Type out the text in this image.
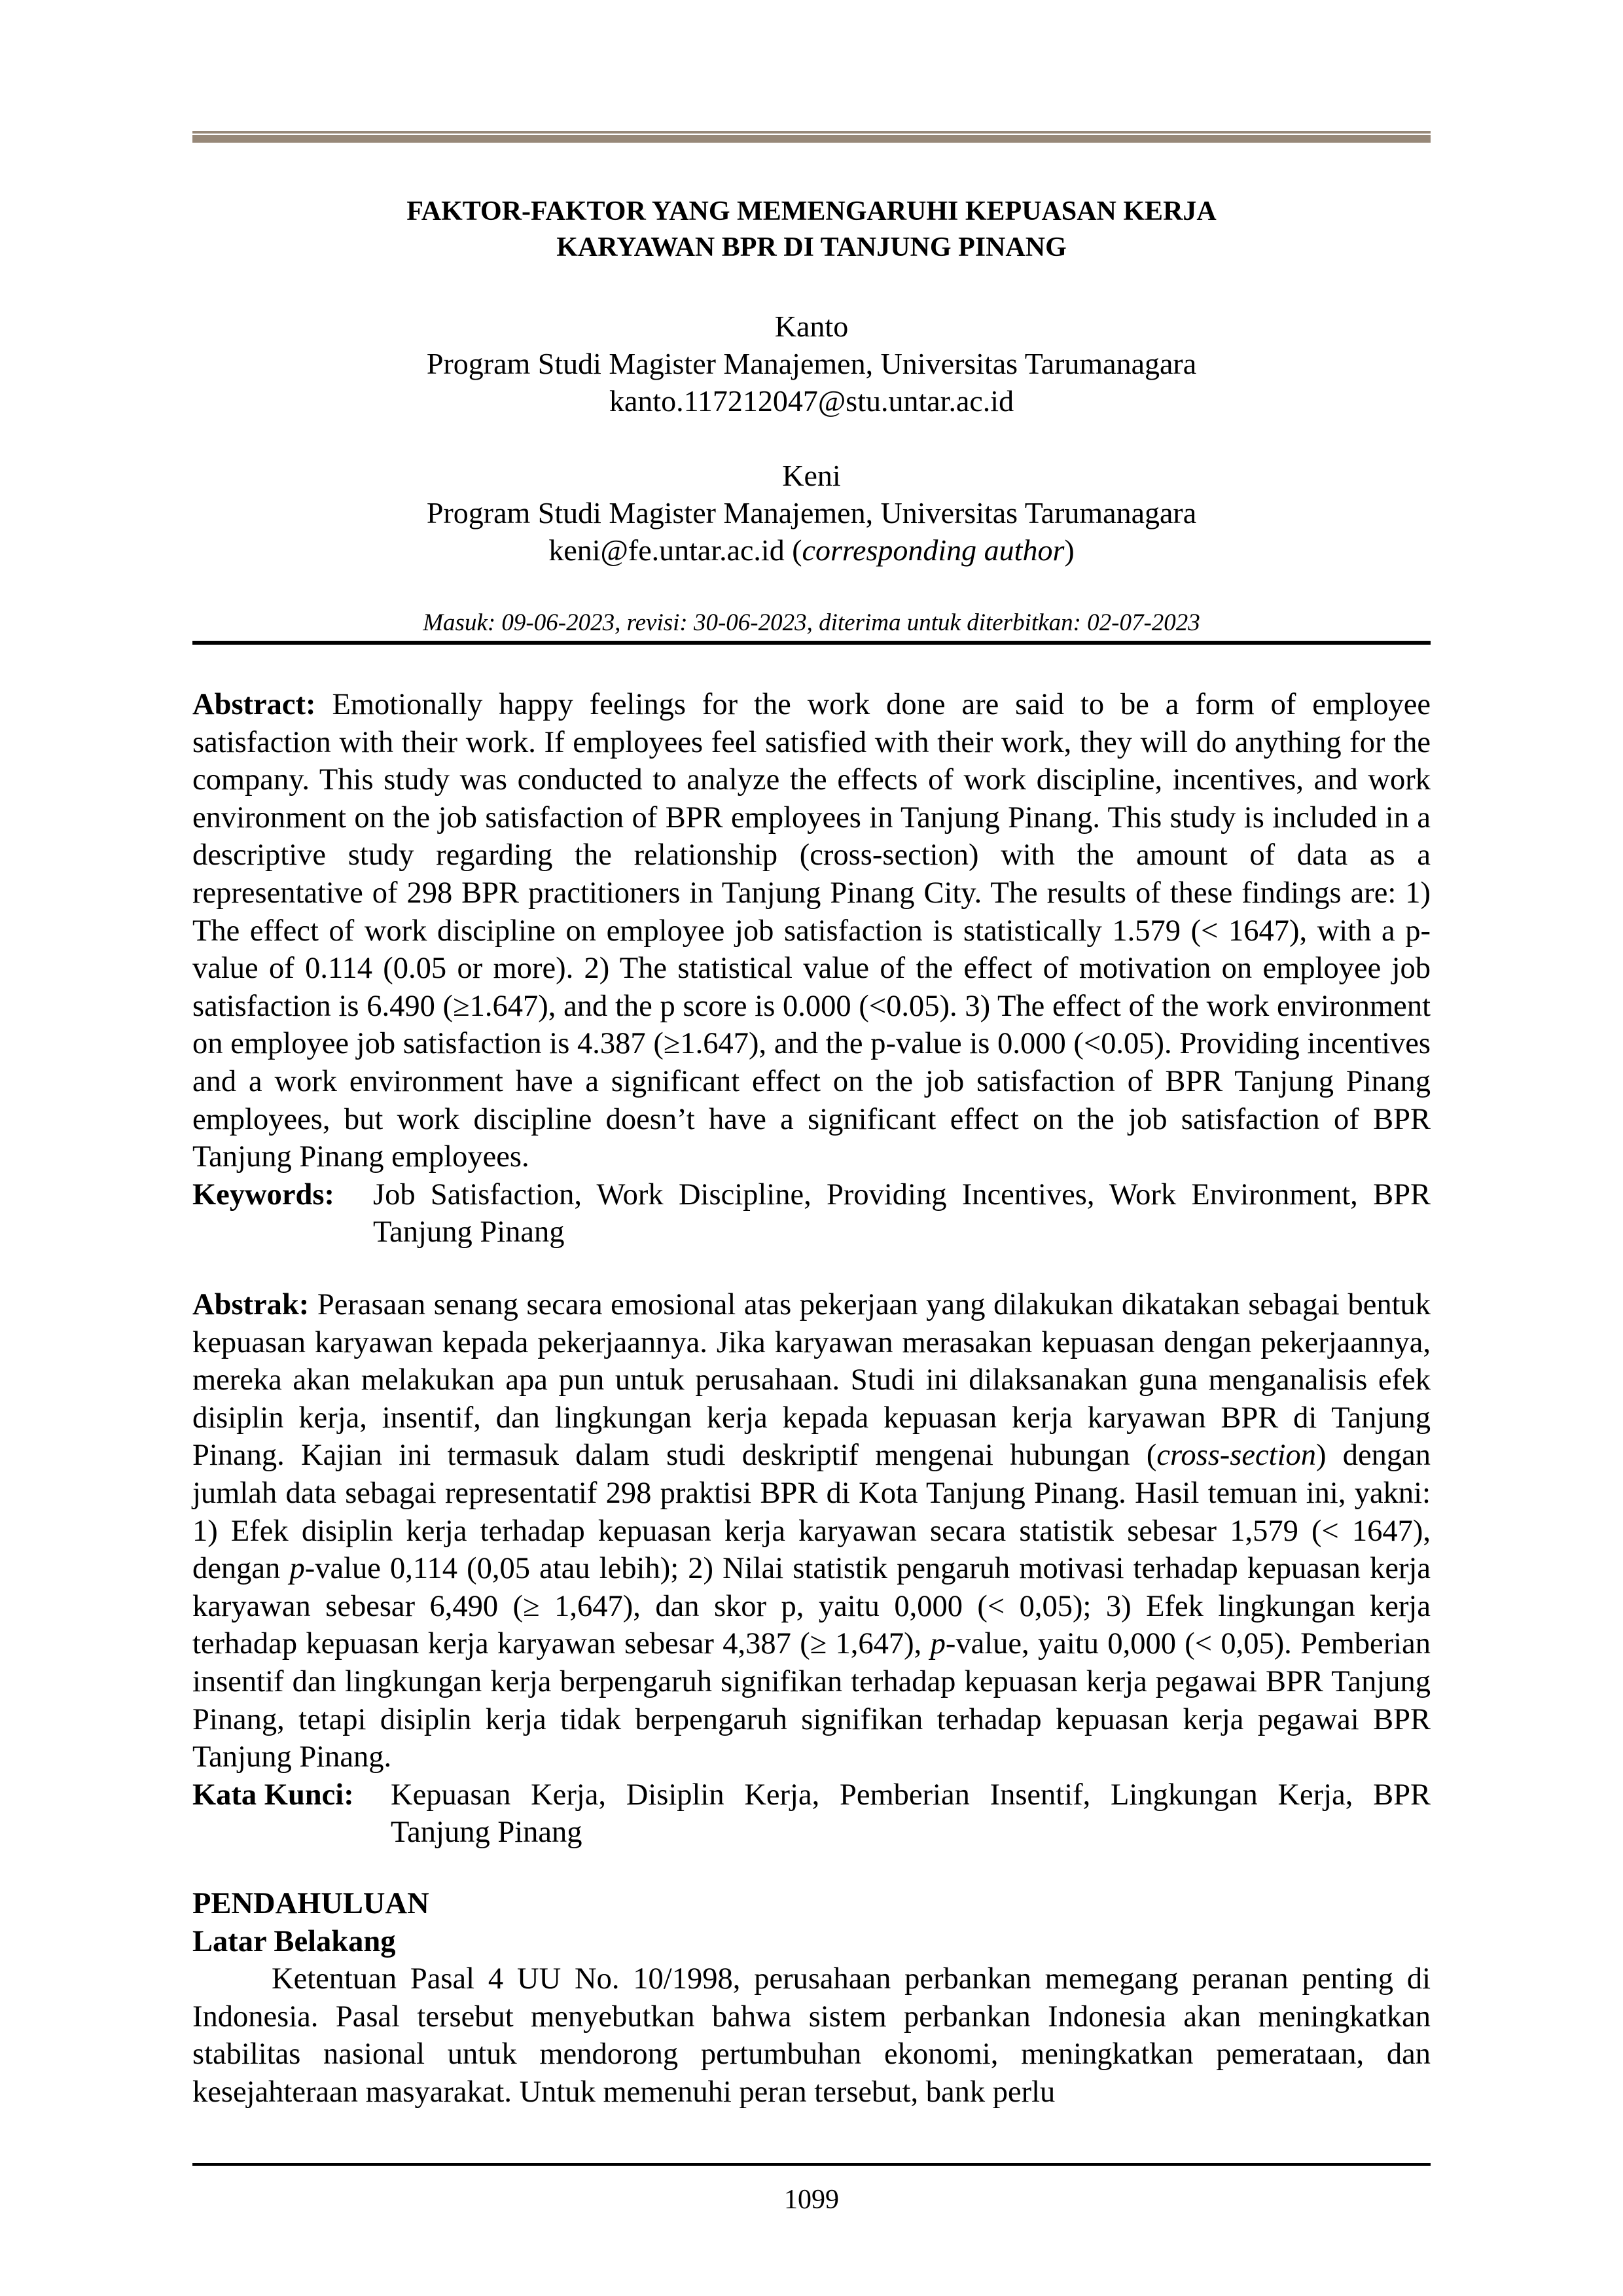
FAKTOR-FAKTOR YANG MEMENGARUHI KEPUASAN KERJA
KARYAWAN BPR DI TANJUNG PINANG
Kanto
Program Studi Magister Manajemen, Universitas Tarumanagara
kanto.117212047@stu.untar.ac.id
Keni
Program Studi Magister Manajemen, Universitas Tarumanagara
keni@fe.untar.ac.id (corresponding author)
Masuk: 09-06-2023, revisi: 30-06-2023, diterima untuk diterbitkan: 02-07-2023
Abstract: Emotionally happy feelings for the work done are said to be a form of employee satisfaction with their work. If employees feel satisfied with their work, they will do anything for the company. This study was conducted to analyze the effects of work discipline, incentives, and work environment on the job satisfaction of BPR employees in Tanjung Pinang. This study is included in a descriptive study regarding the relationship (cross-section) with the amount of data as a representative of 298 BPR practitioners in Tanjung Pinang City. The results of these findings are: 1) The effect of work discipline on employee job satisfaction is statistically 1.579 (< 1647), with a p-value of 0.114 (0.05 or more). 2) The statistical value of the effect of motivation on employee job satisfaction is 6.490 (≥1.647), and the p score is 0.000 (<0.05). 3) The effect of the work environment on employee job satisfaction is 4.387 (≥1.647), and the p-value is 0.000 (<0.05). Providing incentives and a work environment have a significant effect on the job satisfaction of BPR Tanjung Pinang employees, but work discipline doesn’t have a significant effect on the job satisfaction of BPR Tanjung Pinang employees.
Keywords:	Job Satisfaction, Work Discipline, Providing Incentives, Work Environment, BPR Tanjung Pinang
Abstrak: Perasaan senang secara emosional atas pekerjaan yang dilakukan dikatakan sebagai bentuk kepuasan karyawan kepada pekerjaannya. Jika karyawan merasakan kepuasan dengan pekerjaannya, mereka akan melakukan apa pun untuk perusahaan. Studi ini dilaksanakan guna menganalisis efek disiplin kerja, insentif, dan lingkungan kerja kepada kepuasan kerja karyawan BPR di Tanjung Pinang. Kajian ini termasuk dalam studi deskriptif mengenai hubungan (cross-section) dengan jumlah data sebagai representatif 298 praktisi BPR di Kota Tanjung Pinang. Hasil temuan ini, yakni: 1) Efek disiplin kerja terhadap kepuasan kerja karyawan secara statistik sebesar 1,579 (< 1647), dengan p-value 0,114 (0,05 atau lebih); 2) Nilai statistik pengaruh motivasi terhadap kepuasan kerja karyawan sebesar 6,490 (≥ 1,647), dan skor p, yaitu 0,000 (< 0,05); 3) Efek lingkungan kerja terhadap kepuasan kerja karyawan sebesar 4,387 (≥ 1,647), p-value, yaitu 0,000 (< 0,05). Pemberian insentif dan lingkungan kerja berpengaruh signifikan terhadap kepuasan kerja pegawai BPR Tanjung Pinang, tetapi disiplin kerja tidak berpengaruh signifikan terhadap kepuasan kerja pegawai BPR Tanjung Pinang.
Kata Kunci:	Kepuasan Kerja, Disiplin Kerja, Pemberian Insentif, Lingkungan Kerja, BPR Tanjung Pinang
PENDAHULUAN
Latar Belakang
Ketentuan Pasal 4 UU No. 10/1998, perusahaan perbankan memegang peranan penting di Indonesia. Pasal tersebut menyebutkan bahwa sistem perbankan Indonesia akan meningkatkan stabilitas nasional untuk mendorong pertumbuhan ekonomi, meningkatkan pemerataan, dan kesejahteraan masyarakat. Untuk memenuhi peran tersebut, bank perlu
1099
